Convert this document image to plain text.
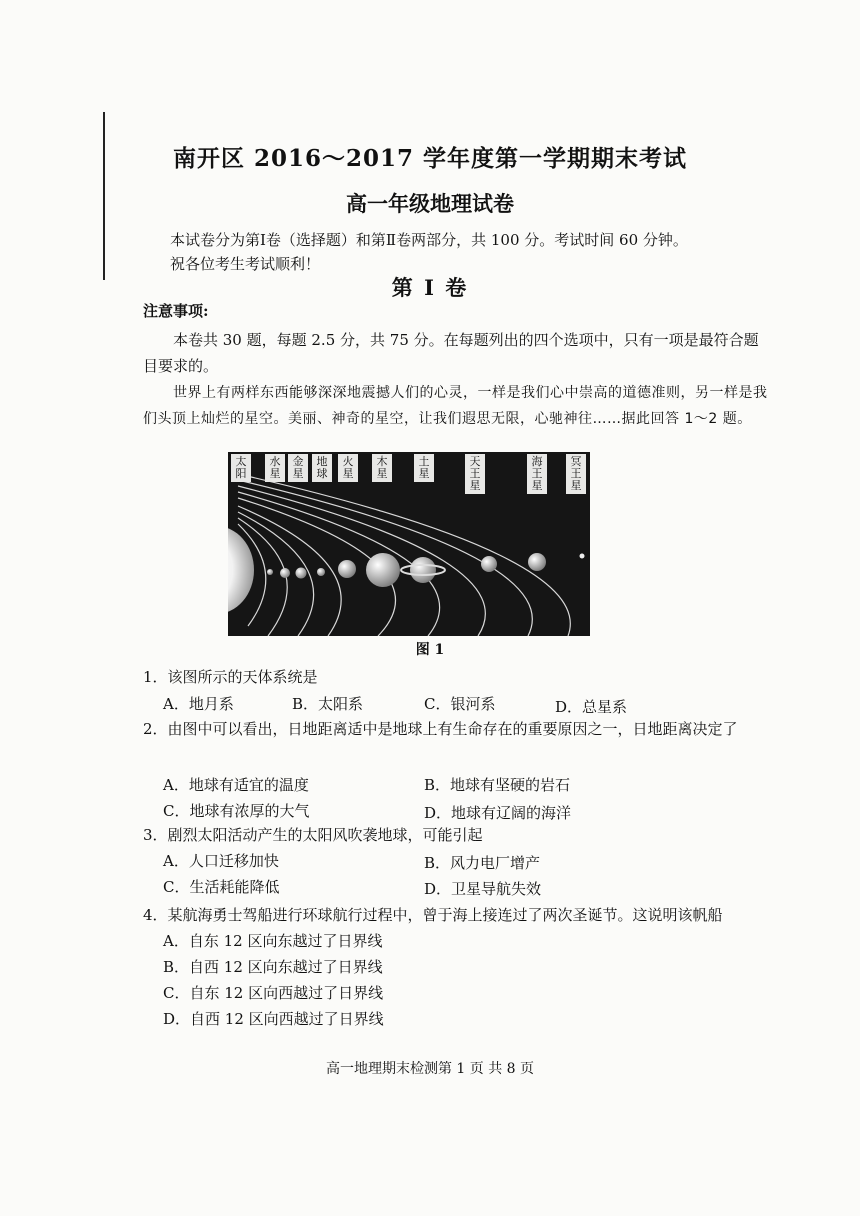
南开区 2016～2017 学年度第一学期期末考试
高一年级地理试卷
本试卷分为第Ⅰ卷（选择题）和第Ⅱ卷两部分，共 100 分。考试时间 60 分钟。
祝各位考生考试顺利！
第 Ⅰ 卷
注意事项:
本卷共 30 题，每题 2.5 分，共 75 分。在每题列出的四个选项中，只有一项是最符合题目要求的。
世界上有两样东西能够深深地震撼人们的心灵，一样是我们心中崇高的道德准则，另一样是我们头顶上灿烂的星空。美丽、神奇的星空，让我们遐思无限，心驰神往……据此回答 1～2 题。
太阳
水星
金星
地球
火星
木星
土星
天王星
海王星
冥王星
图 1
1．该图所示的天体系统是
A．地月系	B．太阳系	C．银河系	D．总星系
2．由图中可以看出，日地距离适中是地球上有生命存在的重要原因之一，日地距离决定了
A．地球有适宜的温度	B．地球有坚硬的岩石
C．地球有浓厚的大气	D．地球有辽阔的海洋
3．剧烈太阳活动产生的太阳风吹袭地球，可能引起
A．人口迁移加快	B．风力电厂增产
C．生活耗能降低	D．卫星导航失效
4．某航海勇士驾船进行环球航行过程中，曾于海上接连过了两次圣诞节。这说明该帆船
A．自东 12 区向东越过了日界线
B．自西 12 区向东越过了日界线
C．自东 12 区向西越过了日界线
D．自西 12 区向西越过了日界线
高一地理期末检测第 1 页 共 8 页
